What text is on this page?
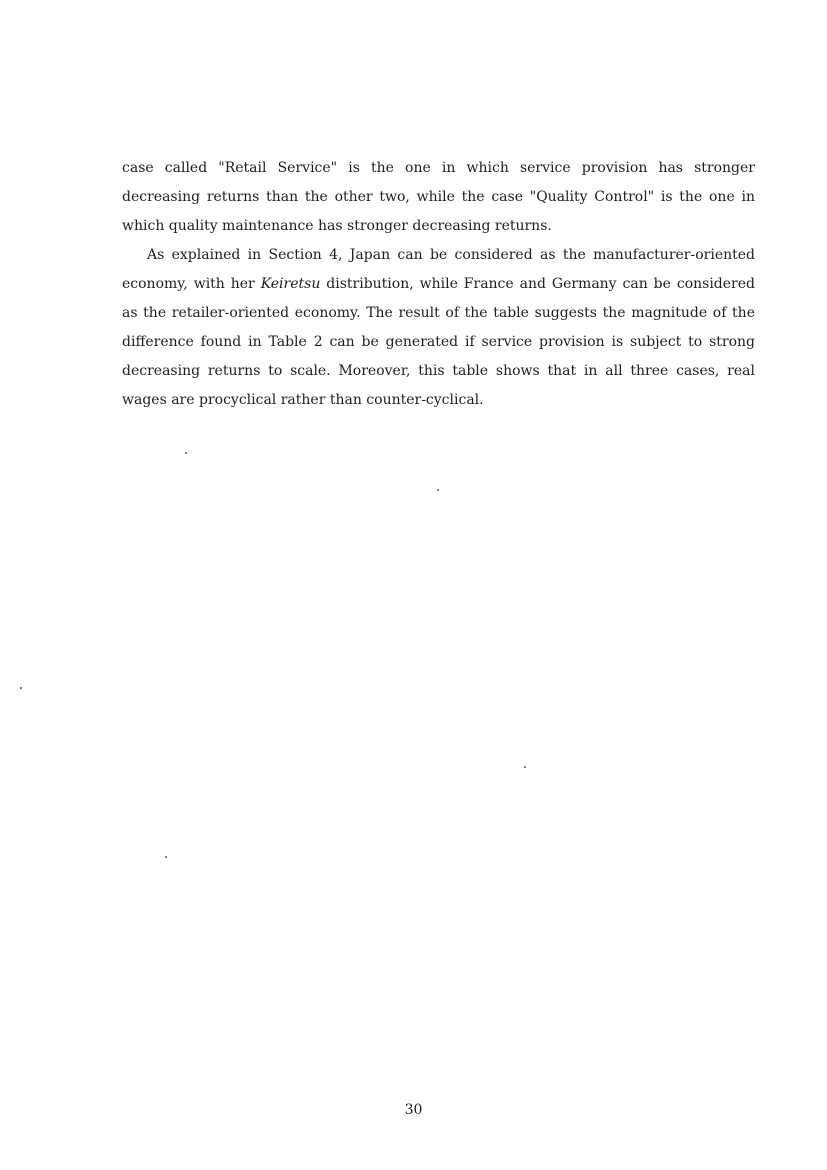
case called "Retail Service" is the one in which service provision has stronger decreasing returns than the other two, while the case "Quality Control" is the one in which quality maintenance has stronger decreasing returns.

As explained in Section 4, Japan can be considered as the manufacturer-oriented economy, with her Keiretsu distribution, while France and Germany can be considered as the retailer-oriented economy. The result of the table suggests the magnitude of the difference found in Table 2 can be generated if service provision is subject to strong decreasing returns to scale. Moreover, this table shows that in all three cases, real wages are procyclical rather than counter-cyclical.

30
